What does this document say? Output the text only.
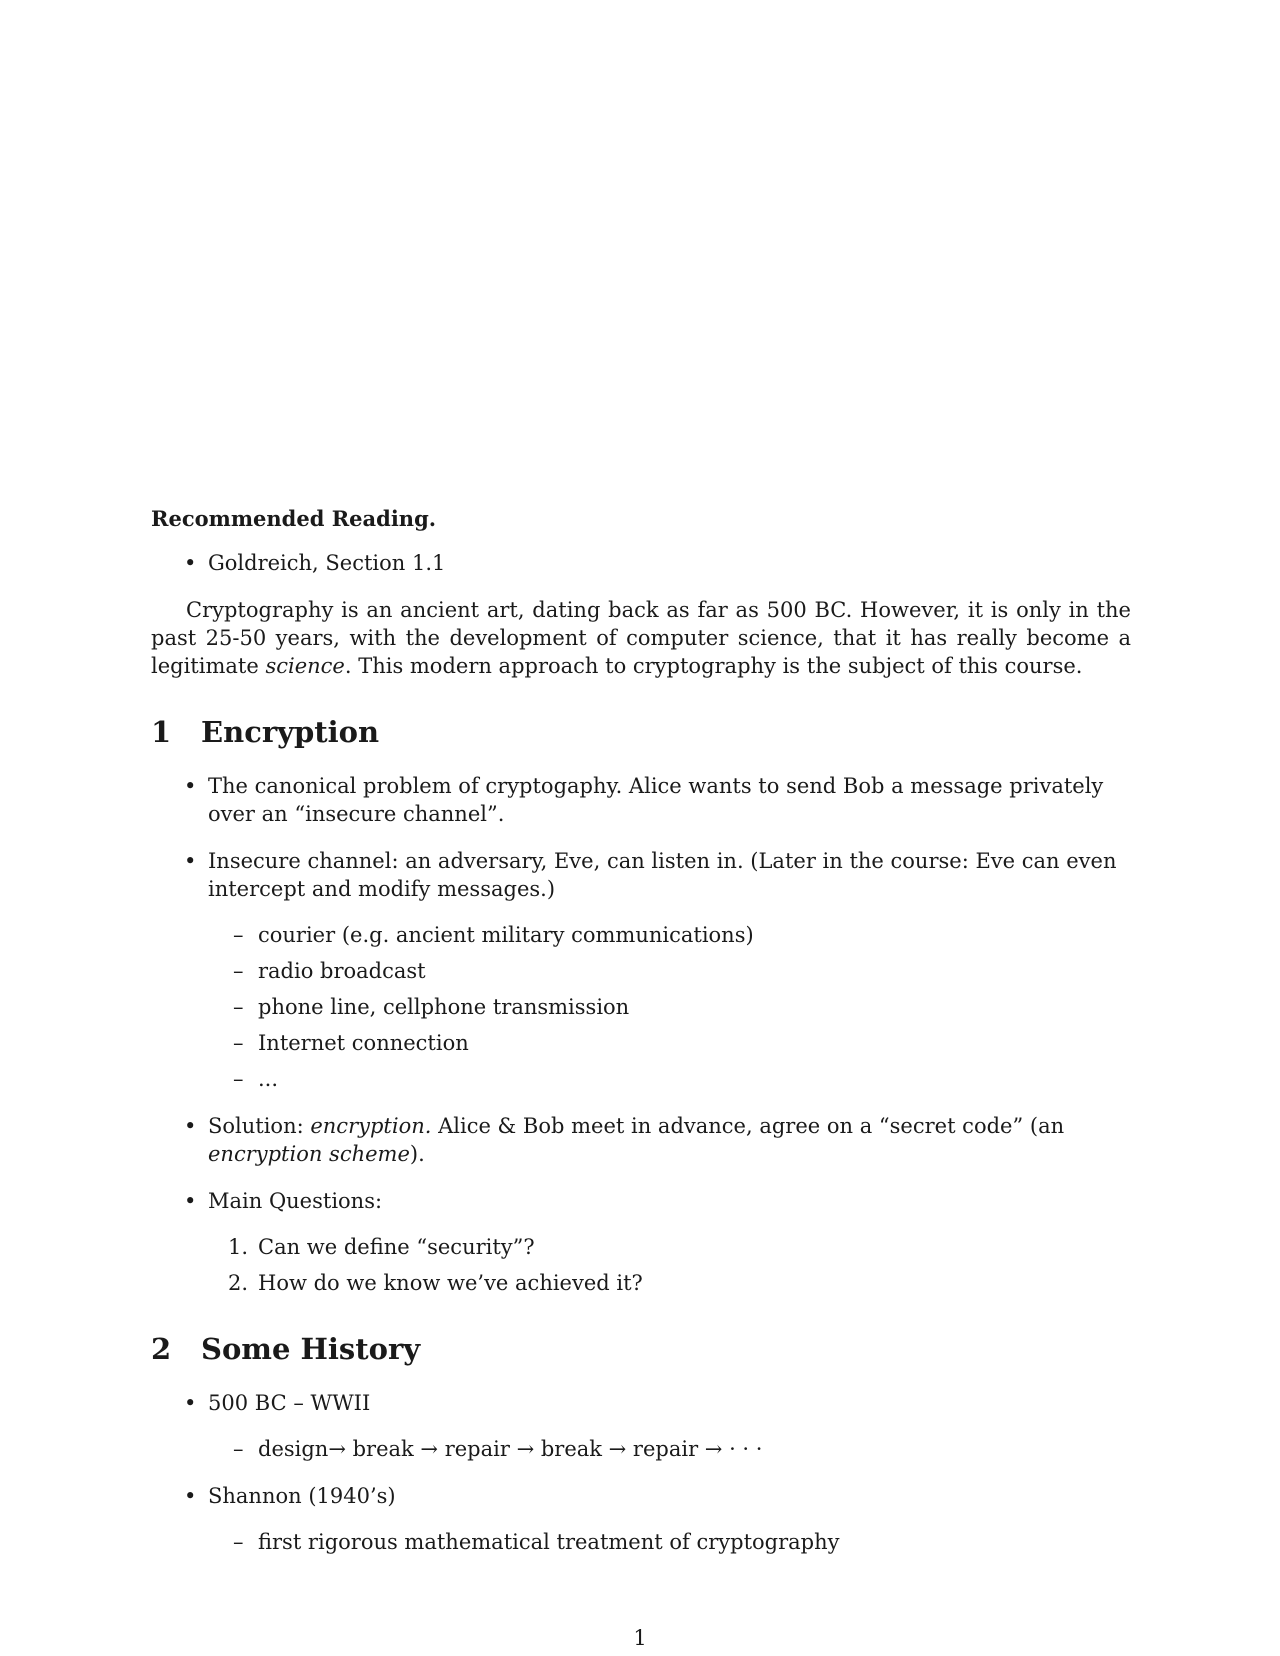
Recommended Reading.
• Goldreich, Section 1.1

Cryptography is an ancient art, dating back as far as 500 BC. However, it is only in the past 25-50 years, with the development of computer science, that it has really become a legitimate science. This modern approach to cryptography is the subject of this course.

1	Encryption
• The canonical problem of cryptogaphy. Alice wants to send Bob a message privately over an “insecure channel”.
• Insecure channel: an adversary, Eve, can listen in. (Later in the course: Eve can even intercept and modify messages.)
– courier (e.g. ancient military communications)
– radio broadcast
– phone line, cellphone transmission
– Internet connection
– ...
• Solution: encryption. Alice & Bob meet in advance, agree on a “secret code” (an encryption scheme).
• Main Questions:
1. Can we define “security”?
2. How do we know we’ve achieved it?
2	Some History
• 500 BC – WWII
– design→ break → repair → break → repair → · · ·
• Shannon (1940’s)
– first rigorous mathematical treatment of cryptography
1
